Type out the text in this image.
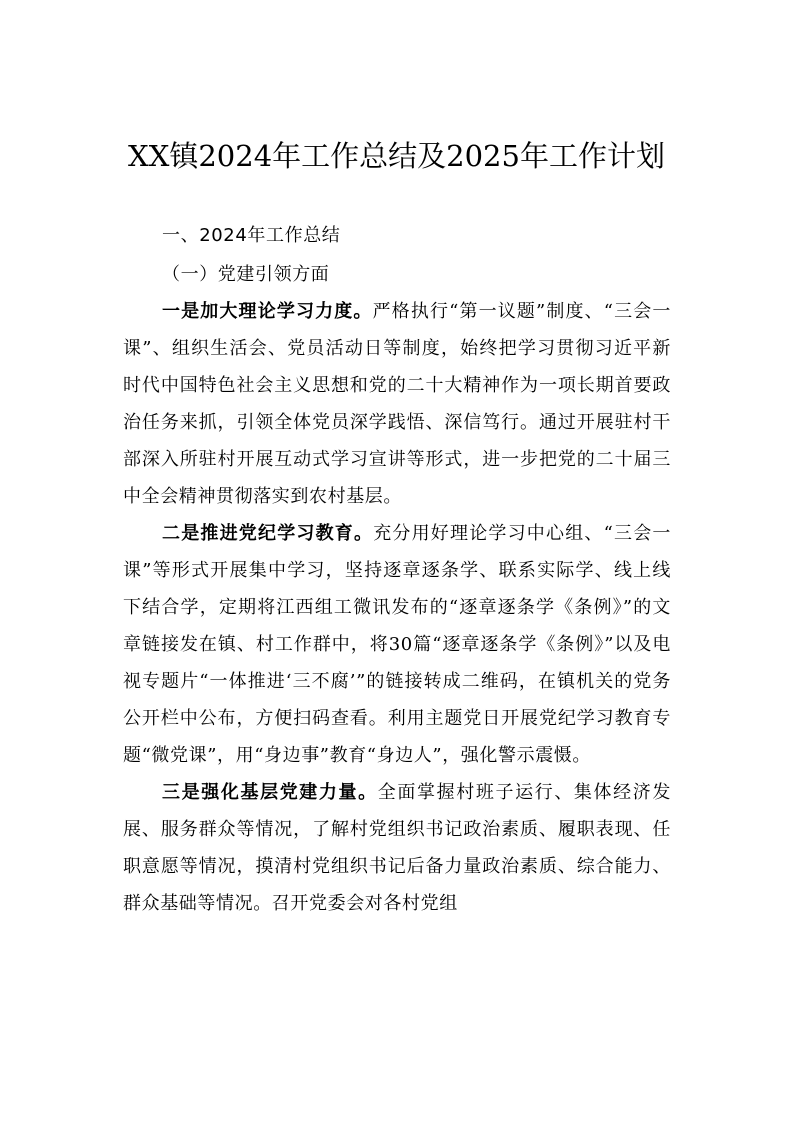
XX镇2024年工作总结及2025年工作计划
一、2024年工作总结
（一）党建引领方面

一是加大理论学习力度。严格执行“第一议题”制度、“三会一课”、组织生活会、党员活动日等制度，始终把学习贯彻习近平新时代中国特色社会主义思想和党的二十大精神作为一项长期首要政治任务来抓，引领全体党员深学践悟、深信笃行。通过开展驻村干部深入所驻村开展互动式学习宣讲等形式，进一步把党的二十届三中全会精神贯彻落实到农村基层。

二是推进党纪学习教育。充分用好理论学习中心组、“三会一课”等形式开展集中学习，坚持逐章逐条学、联系实际学、线上线下结合学，定期将江西组工微讯发布的“逐章逐条学《条例》”的文章链接发在镇、村工作群中，将30篇“逐章逐条学《条例》”以及电视专题片“一体推进‘三不腐’”的链接转成二维码，在镇机关的党务公开栏中公布，方便扫码查看。利用主题党日开展党纪学习教育专题“微党课”，用“身边事”教育“身边人”，强化警示震慑。

三是强化基层党建力量。全面掌握村班子运行、集体经济发展、服务群众等情况，了解村党组织书记政治素质、履职表现、任职意愿等情况，摸清村党组织书记后备力量政治素质、综合能力、群众基础等情况。召开党委会对各村党组
